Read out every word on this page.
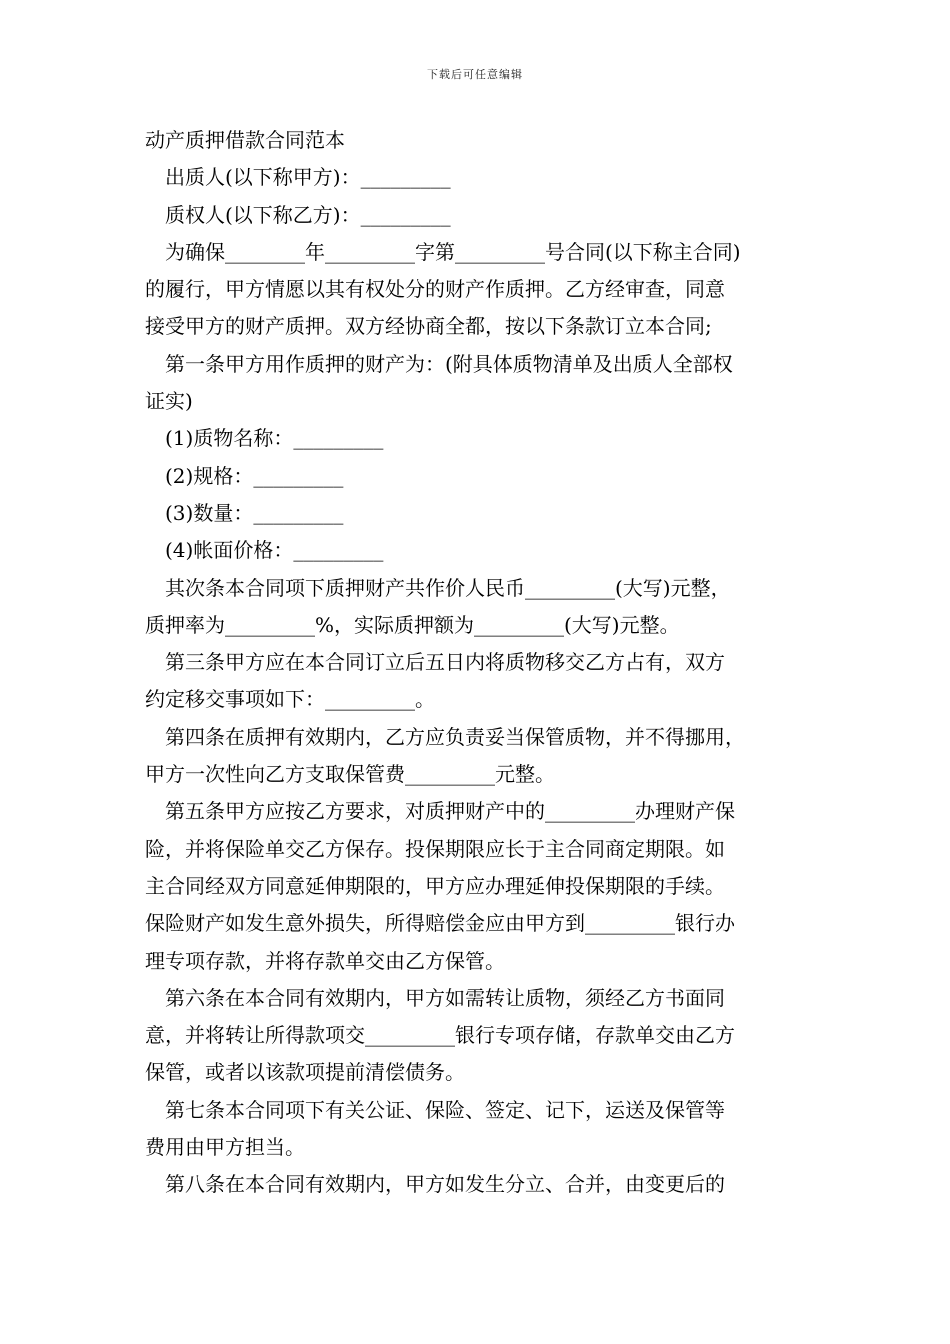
下载后可任意编辑
动产质押借款合同范本
出质人(以下称甲方)：_________
质权人(以下称乙方)：_________
为确保________年_________字第_________号合同(以下称主合同)
的履行，甲方情愿以其有权处分的财产作质押。乙方经审查，同意
接受甲方的财产质押。双方经协商全都，按以下条款订立本合同;
第一条甲方用作质押的财产为：(附具体质物清单及出质人全部权
证实)
(1)质物名称：_________
(2)规格：_________
(3)数量：_________
(4)帐面价格：_________
其次条本合同项下质押财产共作价人民币_________(大写)元整，
质押率为_________%，实际质押额为_________(大写)元整。
第三条甲方应在本合同订立后五日内将质物移交乙方占有，双方
约定移交事项如下：_________。
第四条在质押有效期内，乙方应负责妥当保管质物，并不得挪用，
甲方一次性向乙方支取保管费_________元整。
第五条甲方应按乙方要求，对质押财产中的_________办理财产保
险，并将保险单交乙方保存。投保期限应长于主合同商定期限。如
主合同经双方同意延伸期限的，甲方应办理延伸投保期限的手续。
保险财产如发生意外损失，所得赔偿金应由甲方到_________银行办
理专项存款，并将存款单交由乙方保管。
第六条在本合同有效期内，甲方如需转让质物，须经乙方书面同
意，并将转让所得款项交_________银行专项存储，存款单交由乙方
保管，或者以该款项提前清偿债务。
第七条本合同项下有关公证、保险、签定、记下，运送及保管等
费用由甲方担当。
第八条在本合同有效期内，甲方如发生分立、合并，由变更后的
